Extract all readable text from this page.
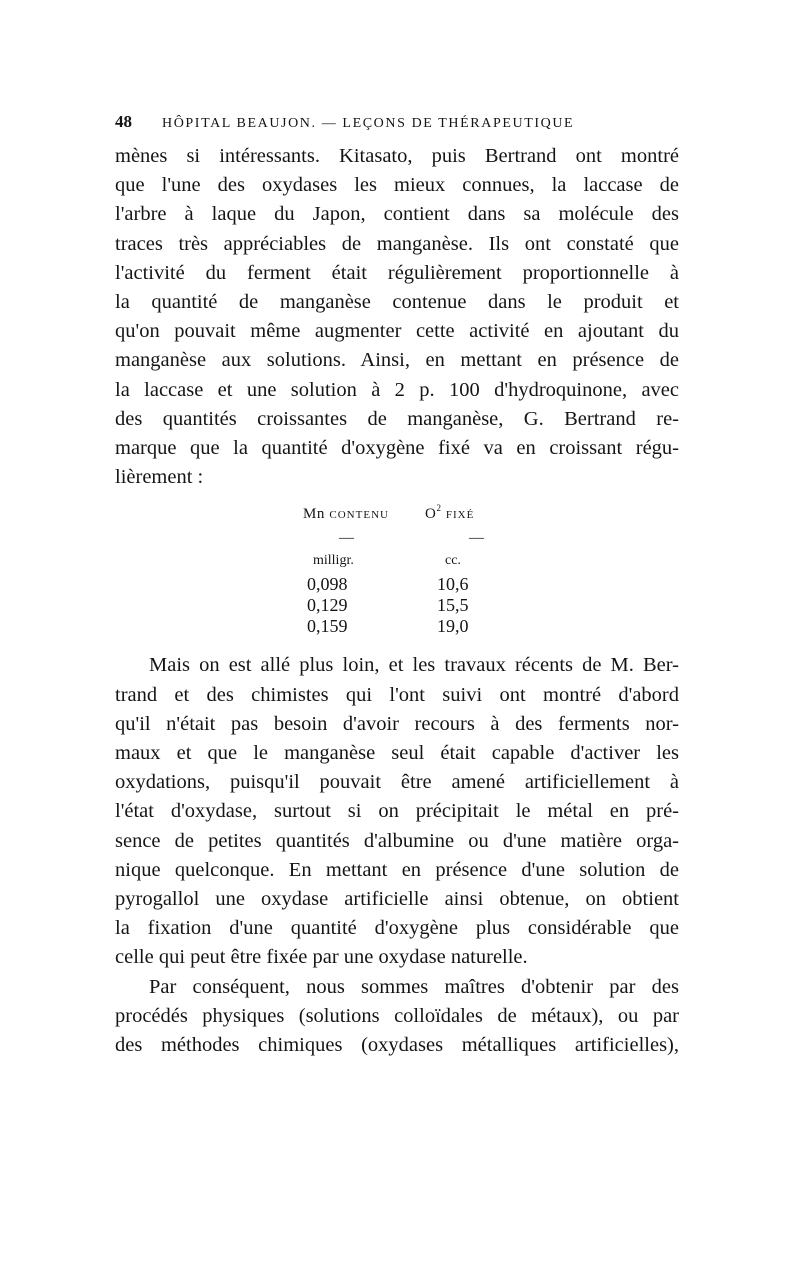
48	HÔPITAL BEAUJON. — LEÇONS DE THÉRAPEUTIQUE

mènes si intéressants. Kitasato, puis Bertrand ont montré
que l'une des oxydases les mieux connues, la laccase de
l'arbre à laque du Japon, contient dans sa molécule des
traces très appréciables de manganèse. Ils ont constaté que
l'activité du ferment était régulièrement proportionnelle à
la quantité de manganèse contenue dans le produit et
qu'on pouvait même augmenter cette activité en ajoutant du
manganèse aux solutions. Ainsi, en mettant en présence de
la laccase et une solution à 2 p. 100 d'hydroquinone, avec
des quantités croissantes de manganèse, G. Bertrand re-
marque que la quantité d'oxygène fixé va en croissant régu-
lièrement :

Mn CONTENU	$O^2$ FIXÉ
—	—
milligr.	cc.
0,098	10,6
0,129	15,5
0,159	19,0

Mais on est allé plus loin, et les travaux récents de M. Ber-
trand et des chimistes qui l'ont suivi ont montré d'abord
qu'il n'était pas besoin d'avoir recours à des ferments nor-
maux et que le manganèse seul était capable d'activer les
oxydations, puisqu'il pouvait être amené artificiellement à
l'état d'oxydase, surtout si on précipitait le métal en pré-
sence de petites quantités d'albumine ou d'une matière orga-
nique quelconque. En mettant en présence d'une solution de
pyrogallol une oxydase artificielle ainsi obtenue, on obtient
la fixation d'une quantité d'oxygène plus considérable que
celle qui peut être fixée par une oxydase naturelle.

Par conséquent, nous sommes maîtres d'obtenir par des
procédés physiques (solutions colloïdales de métaux), ou par
des méthodes chimiques (oxydases métalliques artificielles),
